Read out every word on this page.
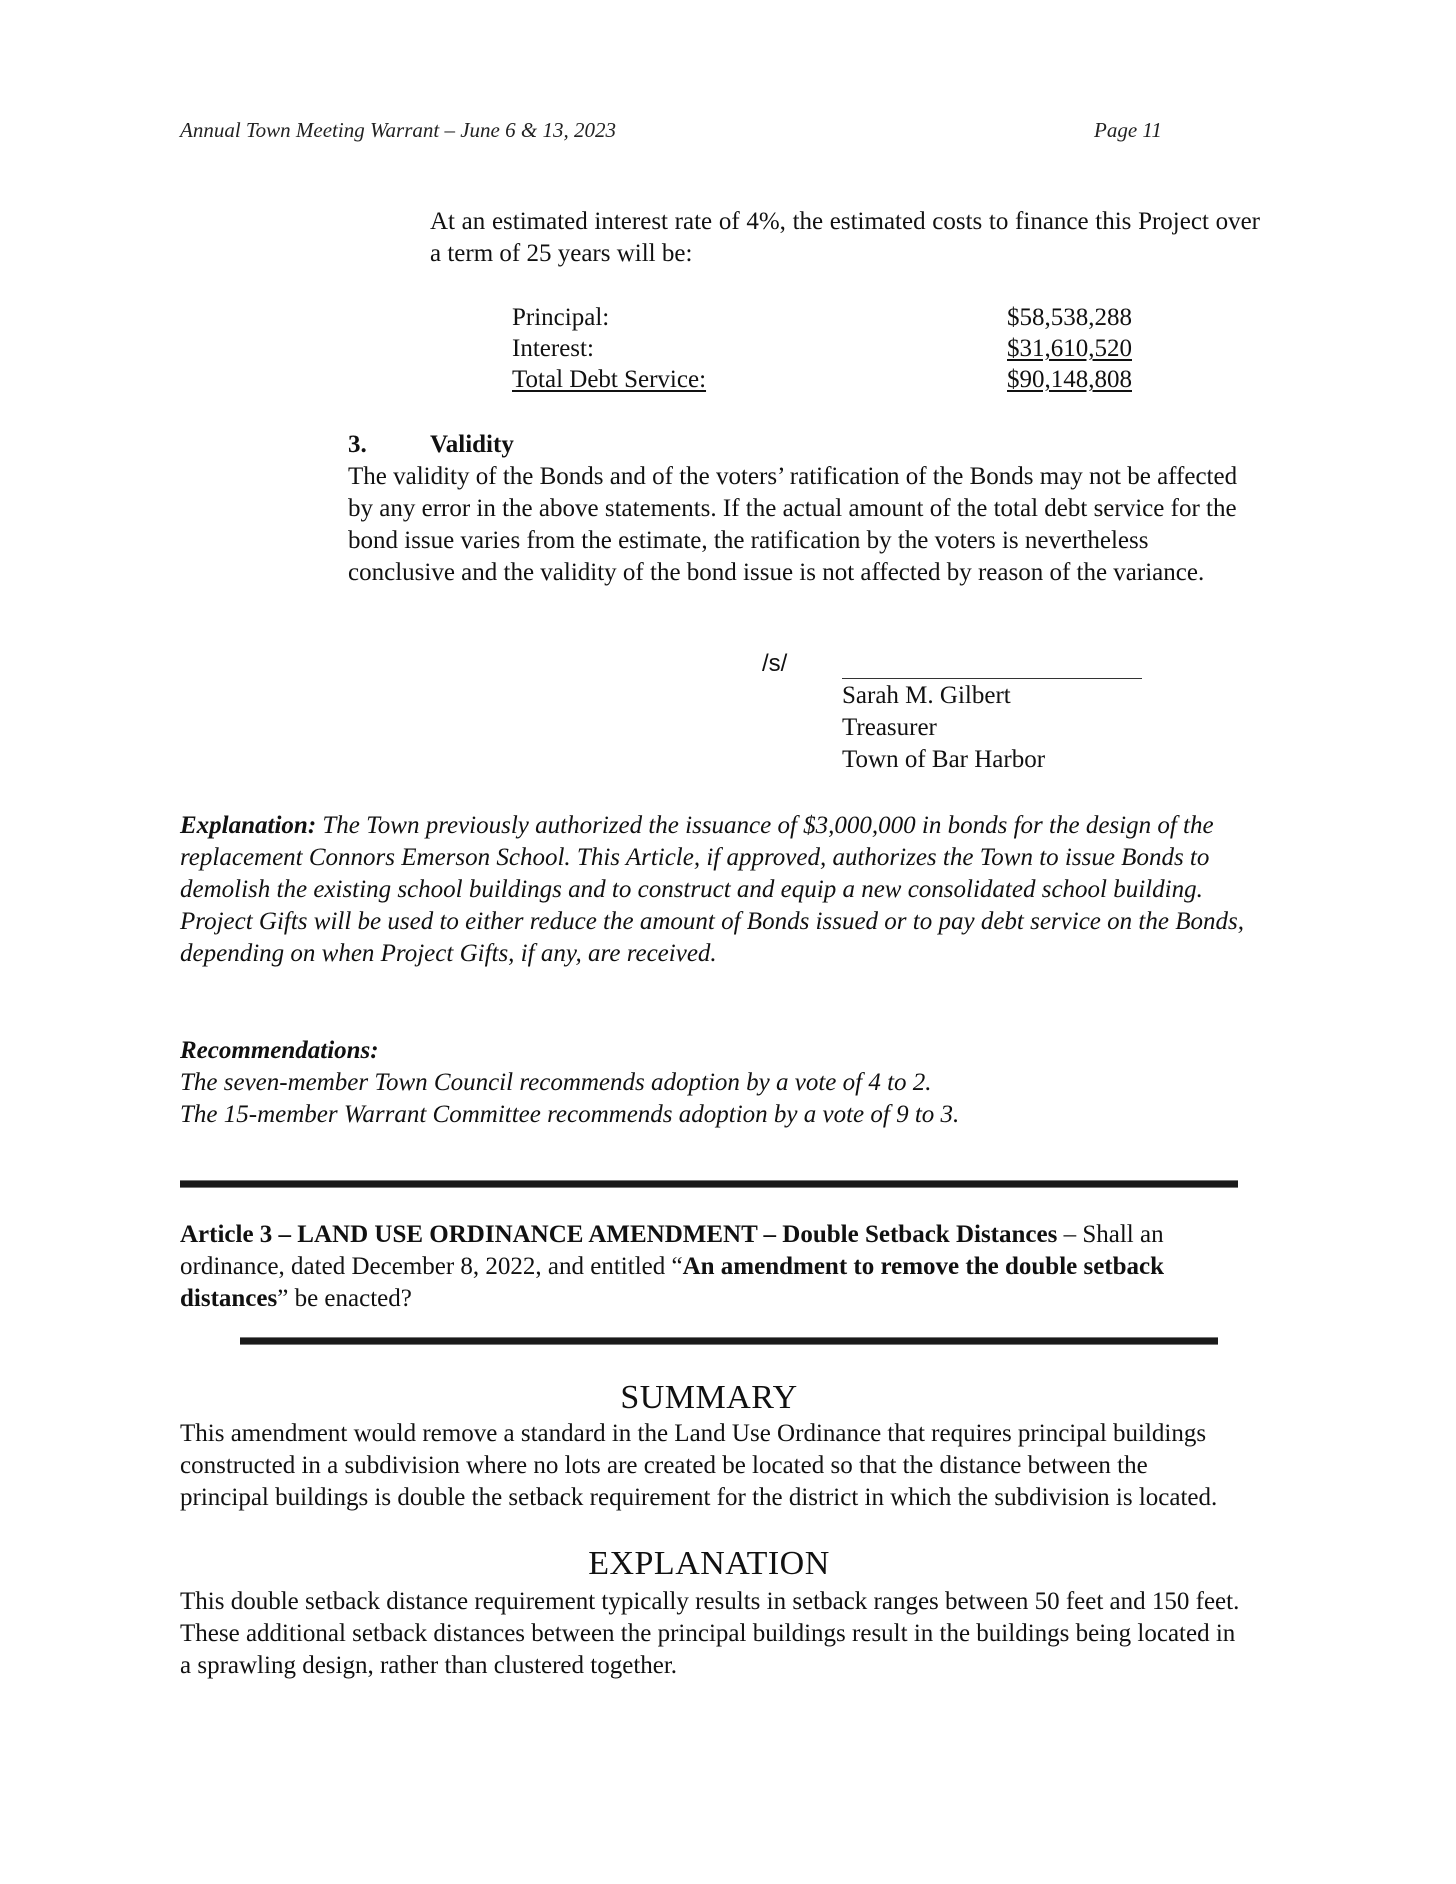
Annual Town Meeting Warrant – June 6 & 13, 2023	Page 11
At an estimated interest rate of 4%, the estimated costs to finance this Project over a term of 25 years will be:
Principal:	$58,538,288
Interest:	$31,610,520
Total Debt Service:	$90,148,808
3.	Validity
The validity of the Bonds and of the voters’ ratification of the Bonds may not be affected by any error in the above statements. If the actual amount of the total debt service for the bond issue varies from the estimate, the ratification by the voters is nevertheless conclusive and the validity of the bond issue is not affected by reason of the variance.
/s/
Sarah M. Gilbert
Treasurer
Town of Bar Harbor
Explanation: The Town previously authorized the issuance of $3,000,000 in bonds for the design of the replacement Connors Emerson School. This Article, if approved, authorizes the Town to issue Bonds to demolish the existing school buildings and to construct and equip a new consolidated school building. Project Gifts will be used to either reduce the amount of Bonds issued or to pay debt service on the Bonds, depending on when Project Gifts, if any, are received.
Recommendations:
The seven-member Town Council recommends adoption by a vote of 4 to 2.
The 15-member Warrant Committee recommends adoption by a vote of 9 to 3.
Article 3 – LAND USE ORDINANCE AMENDMENT – Double Setback Distances – Shall an ordinance, dated December 8, 2022, and entitled “An amendment to remove the double setback distances” be enacted?
SUMMARY
This amendment would remove a standard in the Land Use Ordinance that requires principal buildings constructed in a subdivision where no lots are created be located so that the distance between the principal buildings is double the setback requirement for the district in which the subdivision is located.
EXPLANATION
This double setback distance requirement typically results in setback ranges between 50 feet and 150 feet. These additional setback distances between the principal buildings result in the buildings being located in a sprawling design, rather than clustered together.
